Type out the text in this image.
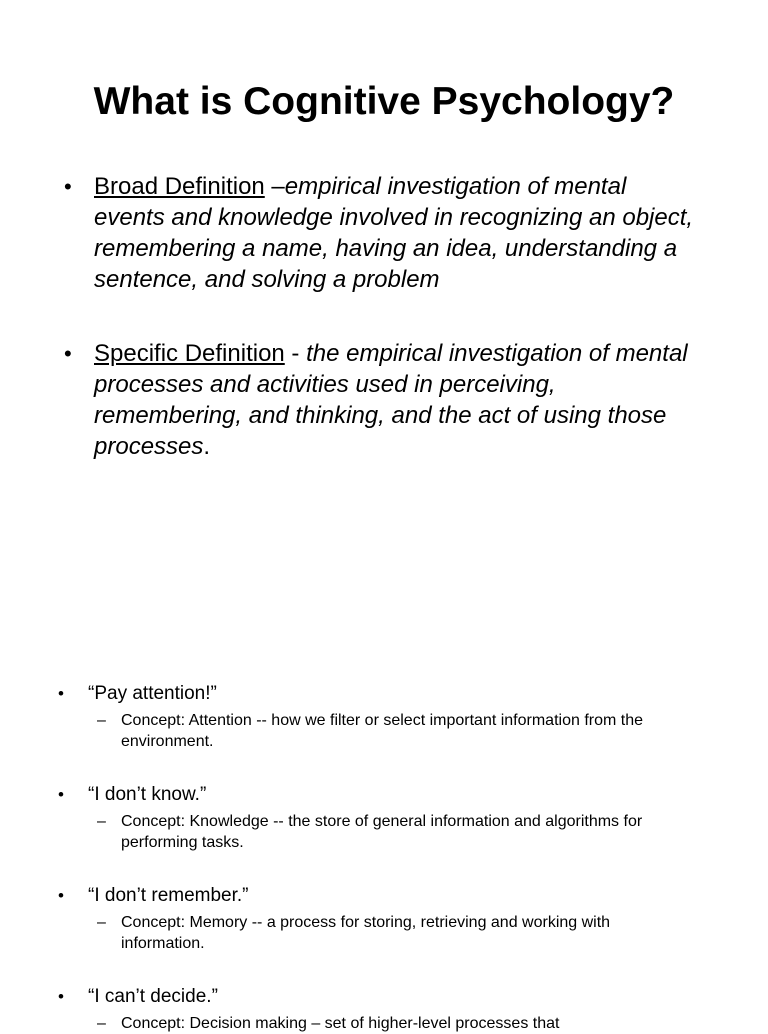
What is Cognitive Psychology?
• Broad Definition –empirical investigation of mental events and knowledge involved in recognizing an object, remembering a name, having an idea, understanding a sentence, and solving a problem
• Specific Definition - the empirical investigation of mental processes and activities used in perceiving, remembering, and thinking, and the act of using those processes.
• “Pay attention!”
– Concept: Attention -- how we filter or select important information from the environment.
• “I don’t know.”
– Concept: Knowledge -- the store of general information and algorithms for performing tasks.
• “I don’t remember.”
– Concept: Memory -- a process for storing, retrieving and working with information.
• “I can’t decide.”
– Concept: Decision making – set of higher-level processes that
